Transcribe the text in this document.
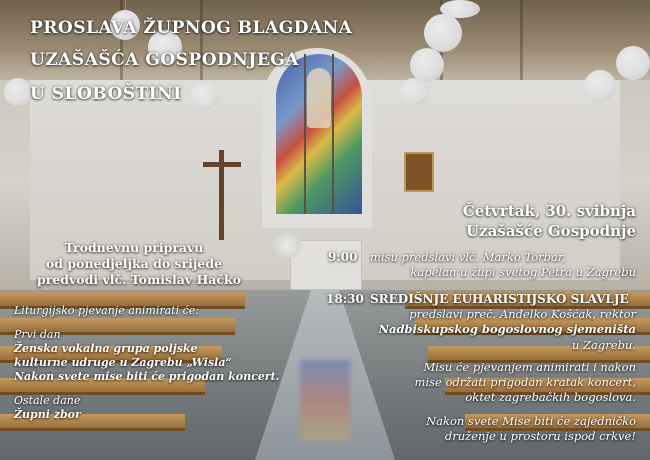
PROSLAVA ŽUPNOG BLAGDANA
UZAŠAŠĆA GOSPODNJEGA
U SLOBOŠTINI
Trodnevnu pripravu
od ponedjeljka do srijede
predvodi vlč. Tomislav Hačko
Liturgijsko pjevanje animirati će:
Prvi dan
Ženska vokalna grupa poljske
kulturne udruge u Zagrebu „Wisla“
Nakon svete mise biti će prigodan koncert.
Ostale dane
Župni zbor
Četvrtak, 30. svibnja
Uzašašće Gospodnje
9:00 misu predslavi vlč. Marko Torbar,
kapelan u župi svetog Petra u Zagrebu
18:30 SREDIŠNJE EUHARISTIJSKO SLAVLJE
predslavi preč. Anđelko Košćak, rektor
Nadbiskupskog bogoslovnog sjemeništa
u Zagrebu.
Misu će pjevanjem animirati i nakon
mise održati prigodan kratak koncert,
oktet zagrebačkih bogoslova.
Nakon svete Mise biti će zajedničko
druženje u prostoru ispod crkve!
